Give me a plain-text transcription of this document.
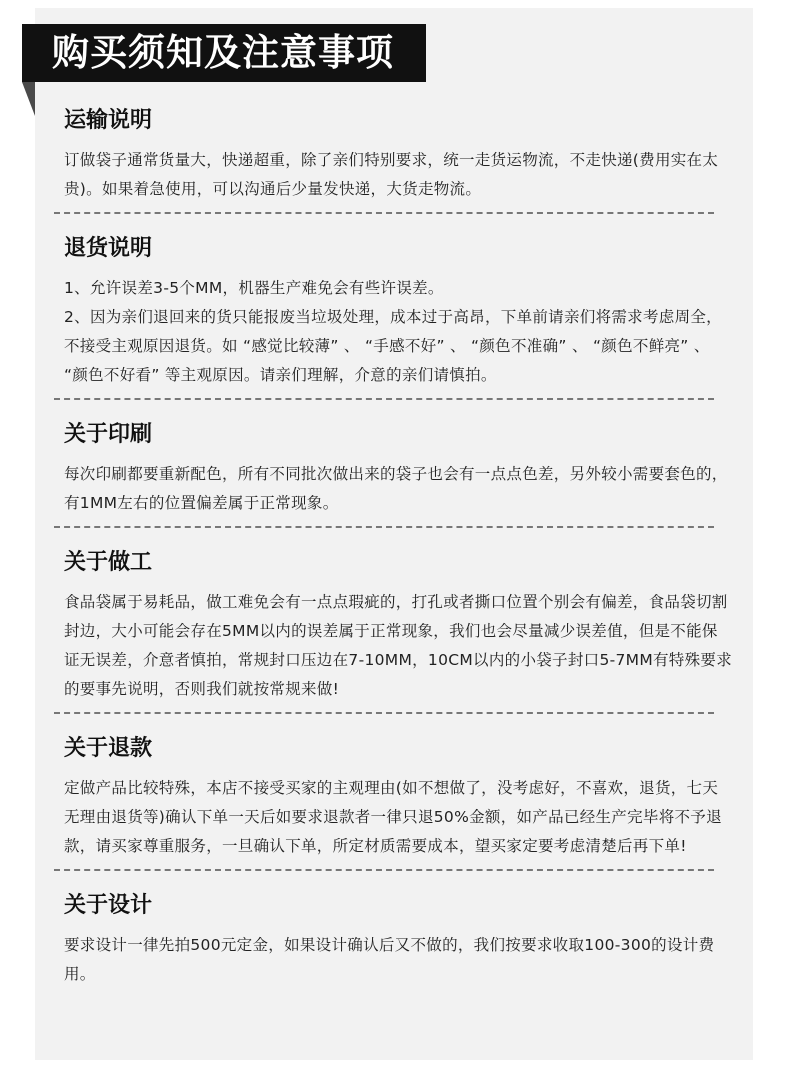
购买须知及注意事项
运输说明

订做袋子通常货量大，快递超重，除了亲们特别要求，统一走货运物流，不走快递(费用实在太贵)。如果着急使用，可以沟通后少量发快递，大货走物流。

退货说明

1、允许误差3-5个MM，机器生产难免会有些许误差。

2、因为亲们退回来的货只能报废当垃圾处理，成本过于高昂，下单前请亲们将需求考虑周全，不接受主观原因退货。如 “感觉比较薄” 、 “手感不好” 、 “颜色不准确” 、 “颜色不鲜亮” 、 “颜色不好看” 等主观原因。请亲们理解，介意的亲们请慎拍。

关于印刷

每次印刷都要重新配色，所有不同批次做出来的袋子也会有一点点色差，另外较小需要套色的，有1MM左右的位置偏差属于正常现象。

关于做工

食品袋属于易耗品，做工难免会有一点点瑕疵的，打孔或者撕口位置个别会有偏差，食品袋切割封边，大小可能会存在5MM以内的误差属于正常现象，我们也会尽量减少误差值，但是不能保证无误差，介意者慎拍，常规封口压边在7-10MM，10CM以内的小袋子封口5-7MM有特殊要求的要事先说明，否则我们就按常规来做!

关于退款

定做产品比较特殊，本店不接受买家的主观理由(如不想做了，没考虑好，不喜欢，退货，七天无理由退货等)确认下单一天后如要求退款者一律只退50%金额，如产品已经生产完毕将不予退款，请买家尊重服务，一旦确认下单，所定材质需要成本，望买家定要考虑清楚后再下单!

关于设计

要求设计一律先拍500元定金，如果设计确认后又不做的，我们按要求收取100-300的设计费用。
